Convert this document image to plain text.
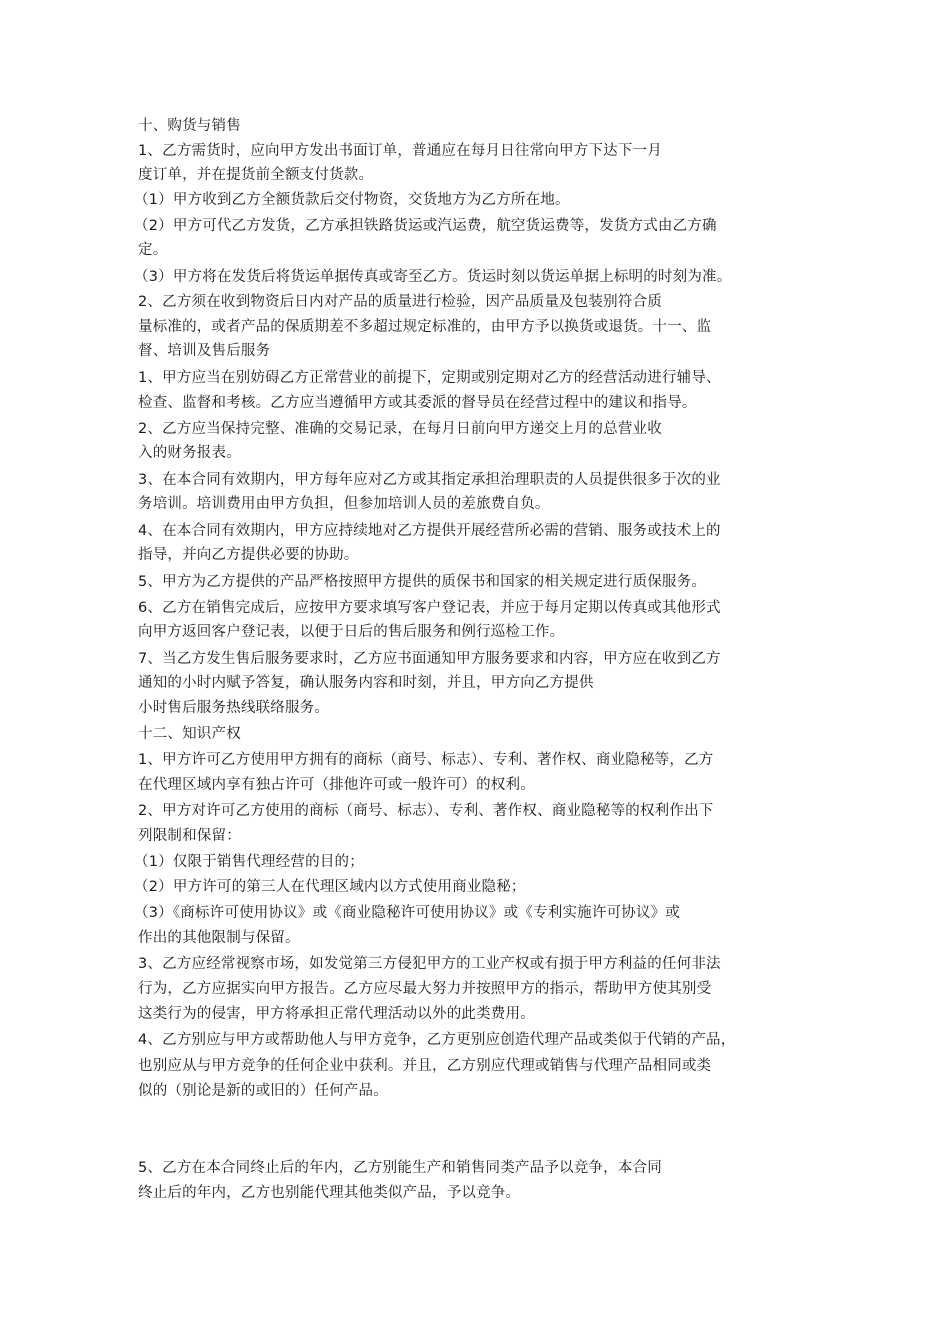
十、购货与销售
1、乙方需货时，应向甲方发出书面订单，普通应在每月日往常向甲方下达下一月
度订单，并在提货前全额支付货款。
（1）甲方收到乙方全额货款后交付物资，交货地方为乙方所在地。
（2）甲方可代乙方发货，乙方承担铁路货运或汽运费，航空货运费等，发货方式由乙方确
定。
（3）甲方将在发货后将货运单据传真或寄至乙方。货运时刻以货运单据上标明的时刻为准。
2、乙方须在收到物资后日内对产品的质量进行检验，因产品质量及包装别符合质
量标准的，或者产品的保质期差不多超过规定标准的，由甲方予以换货或退货。十一、监
督、培训及售后服务
1、甲方应当在别妨碍乙方正常营业的前提下，定期或别定期对乙方的经营活动进行辅导、
检查、监督和考核。乙方应当遵循甲方或其委派的督导员在经营过程中的建议和指导。
2、乙方应当保持完整、准确的交易记录，在每月日前向甲方递交上月的总营业收
入的财务报表。
3、在本合同有效期内，甲方每年应对乙方或其指定承担治理职责的人员提供很多于次的业
务培训。培训费用由甲方负担，但参加培训人员的差旅费自负。
4、在本合同有效期内，甲方应持续地对乙方提供开展经营所必需的营销、服务或技术上的
指导，并向乙方提供必要的协助。
5、甲方为乙方提供的产品严格按照甲方提供的质保书和国家的相关规定进行质保服务。
6、乙方在销售完成后，应按甲方要求填写客户登记表，并应于每月定期以传真或其他形式
向甲方返回客户登记表，以便于日后的售后服务和例行巡检工作。
7、当乙方发生售后服务要求时，乙方应书面通知甲方服务要求和内容，甲方应在收到乙方
通知的小时内赋予答复，确认服务内容和时刻，并且，甲方向乙方提供
小时售后服务热线联络服务。
十二、知识产权
1、甲方许可乙方使用甲方拥有的商标（商号、标志）、专利、著作权、商业隐秘等，乙方
在代理区域内享有独占许可（排他许可或一般许可）的权利。
2、甲方对许可乙方使用的商标（商号、标志）、专利、著作权、商业隐秘等的权利作出下
列限制和保留：
（1）仅限于销售代理经营的目的；
（2）甲方许可的第三人在代理区域内以方式使用商业隐秘；
（3）《商标许可使用协议》或《商业隐秘许可使用协议》或《专利实施许可协议》或
作出的其他限制与保留。
3、乙方应经常视察市场，如发觉第三方侵犯甲方的工业产权或有损于甲方利益的任何非法
行为，乙方应据实向甲方报告。乙方应尽最大努力并按照甲方的指示，帮助甲方使其别受
这类行为的侵害，甲方将承担正常代理活动以外的此类费用。
4、乙方别应与甲方或帮助他人与甲方竞争，乙方更别应创造代理产品或类似于代销的产品，
也别应从与甲方竞争的任何企业中获利。并且，乙方别应代理或销售与代理产品相同或类
似的（别论是新的或旧的）任何产品。
5、乙方在本合同终止后的年内，乙方别能生产和销售同类产品予以竞争，本合同
终止后的年内，乙方也别能代理其他类似产品，予以竞争。
